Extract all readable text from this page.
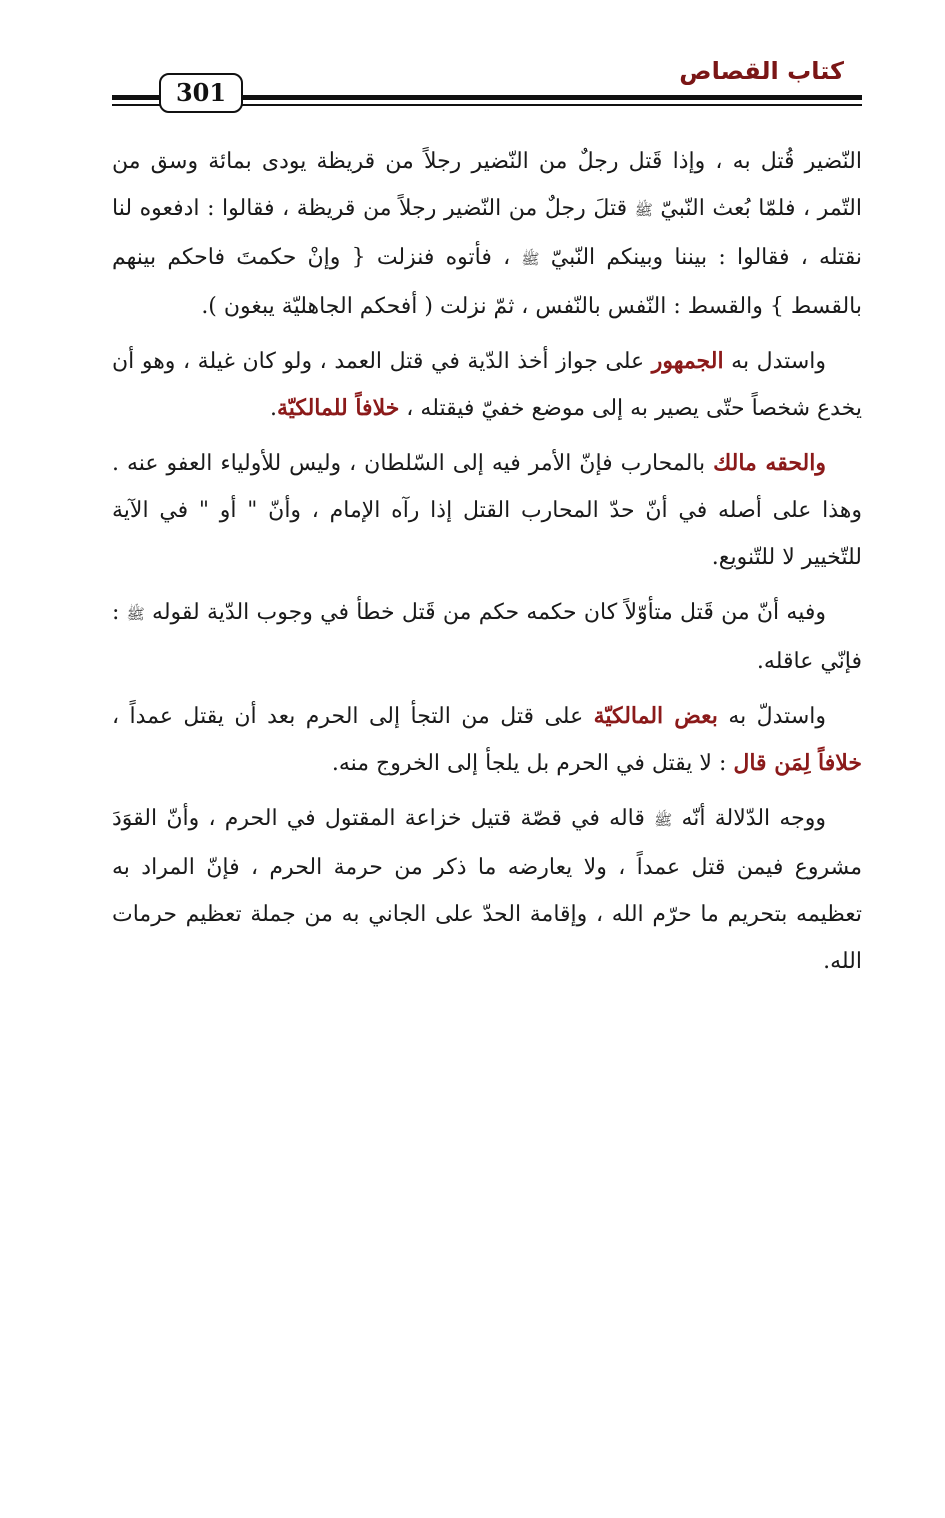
كتاب القصاص
301

النّضير قُتل به ، وإذا قَتل رجلٌ من النّضير رجلاً من قريظة يودى بمائة وسق من التّمر ، فلمّا بُعث النّبيّ ﷺ قتلَ رجلٌ من النّضير رجلاً من قريظة ، فقالوا : ادفعوه لنا نقتله ، فقالوا : بيننا وبينكم النّبيّ ﷺ ، فأتوه فنزلت { وإنْ حكمتَ فاحكم بينهم بالقسط } والقسط : النّفس بالنّفس ، ثمّ نزلت ( أفحكم الجاهليّة يبغون ).

واستدل به الجمهور على جواز أخذ الدّية في قتل العمد ، ولو كان غيلة ، وهو أن يخدع شخصاً حتّى يصير به إلى موضع خفيّ فيقتله ، خلافاً للمالكيّة.

والحقه مالك بالمحارب فإنّ الأمر فيه إلى السّلطان ، وليس للأولياء العفو عنه . وهذا على أصله في أنّ حدّ المحارب القتل إذا رآه الإمام ، وأنّ " أو " في الآية للتّخيير لا للتّنويع.

وفيه أنّ من قَتل متأوّلاً كان حكمه حكم من قَتل خطأ في وجوب الدّية لقوله ﷺ : فإنّي عاقله.

واستدلّ به بعض المالكيّة على قتل من التجأ إلى الحرم بعد أن يقتل عمداً ، خلافاً لِمَن قال : لا يقتل في الحرم بل يلجأ إلى الخروج منه.

ووجه الدّلالة أنّه ﷺ قاله في قصّة قتيل خزاعة المقتول في الحرم ، وأنّ القوَدَ مشروع فيمن قتل عمداً ، ولا يعارضه ما ذكر من حرمة الحرم ، فإنّ المراد به تعظيمه بتحريم ما حرّم الله ، وإقامة الحدّ على الجاني به من جملة تعظيم حرمات الله.
